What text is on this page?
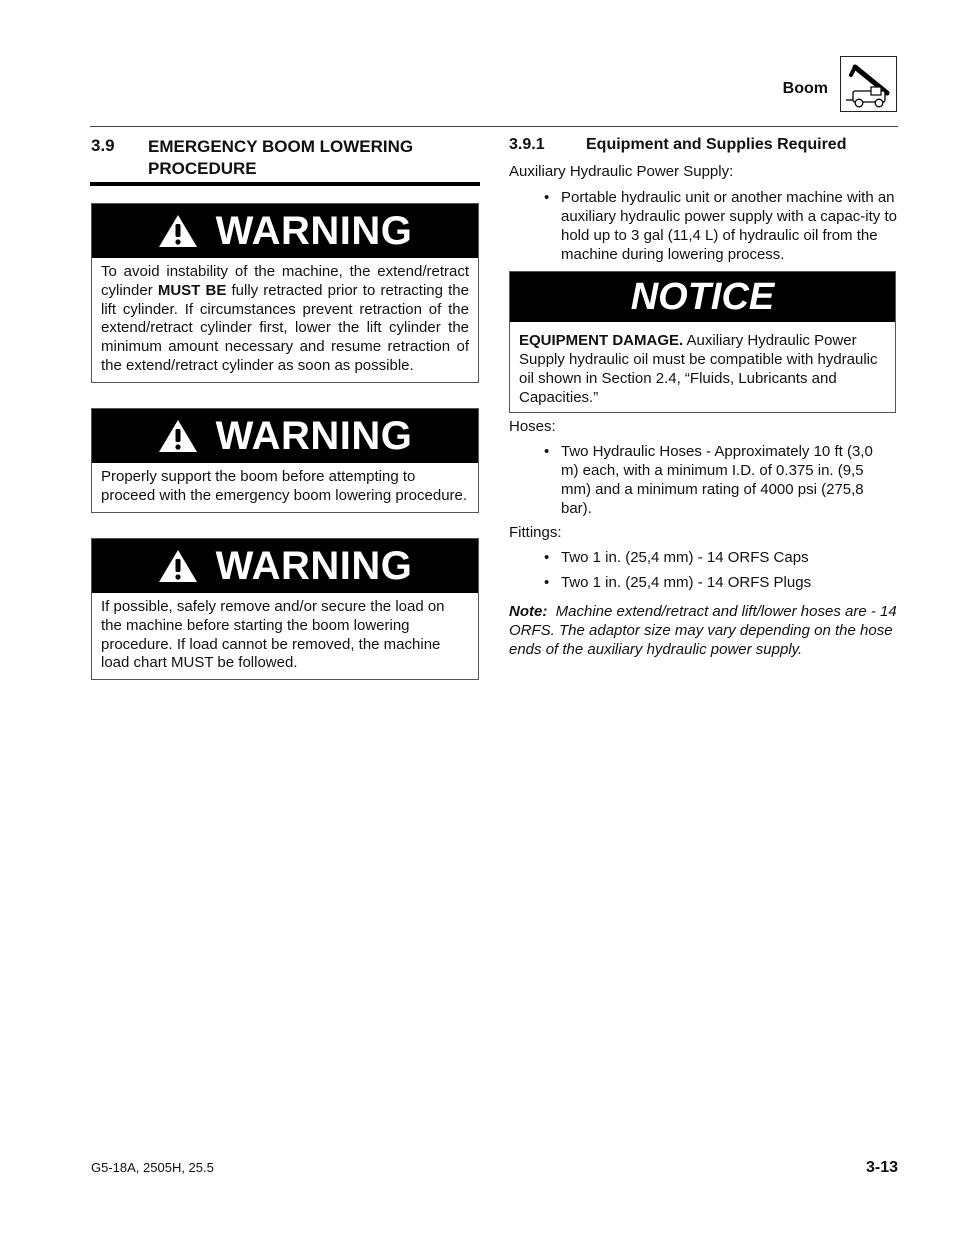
Boom
3.9 EMERGENCY BOOM LOWERING PROCEDURE
WARNING
To avoid instability of the machine, the extend/retract cylinder MUST BE fully retracted prior to retracting the lift cylinder. If circumstances prevent retraction of the extend/retract cylinder first, lower the lift cylinder the minimum amount necessary and resume retraction of the extend/retract cylinder as soon as possible.
WARNING
Properly support the boom before attempting to proceed with the emergency boom lowering procedure.
WARNING
If possible, safely remove and/or secure the load on the machine before starting the boom lowering procedure. If load cannot be removed, the machine load chart MUST be followed.
3.9.1	Equipment and Supplies Required
Auxiliary Hydraulic Power Supply:
• Portable hydraulic unit or another machine with an auxiliary hydraulic power supply with a capac-ity to hold up to 3 gal (11,4 L) of hydraulic oil from the machine during lowering process.
NOTICE
EQUIPMENT DAMAGE. Auxiliary Hydraulic Power Supply hydraulic oil must be compatible with hydraulic oil shown in Section 2.4, “Fluids, Lubricants and Capacities.”
Hoses:
• Two Hydraulic Hoses - Approximately 10 ft (3,0 m) each, with a minimum I.D. of 0.375 in. (9,5 mm) and a minimum rating of 4000 psi (275,8 bar).
Fittings:
• Two 1 in. (25,4 mm) - 14 ORFS Caps
• Two 1 in. (25,4 mm) - 14 ORFS Plugs
Note: Machine extend/retract and lift/lower hoses are - 14 ORFS. The adaptor size may vary depending on the hose ends of the auxiliary hydraulic power supply.
G5-18A, 2505H, 25.5	3-13
